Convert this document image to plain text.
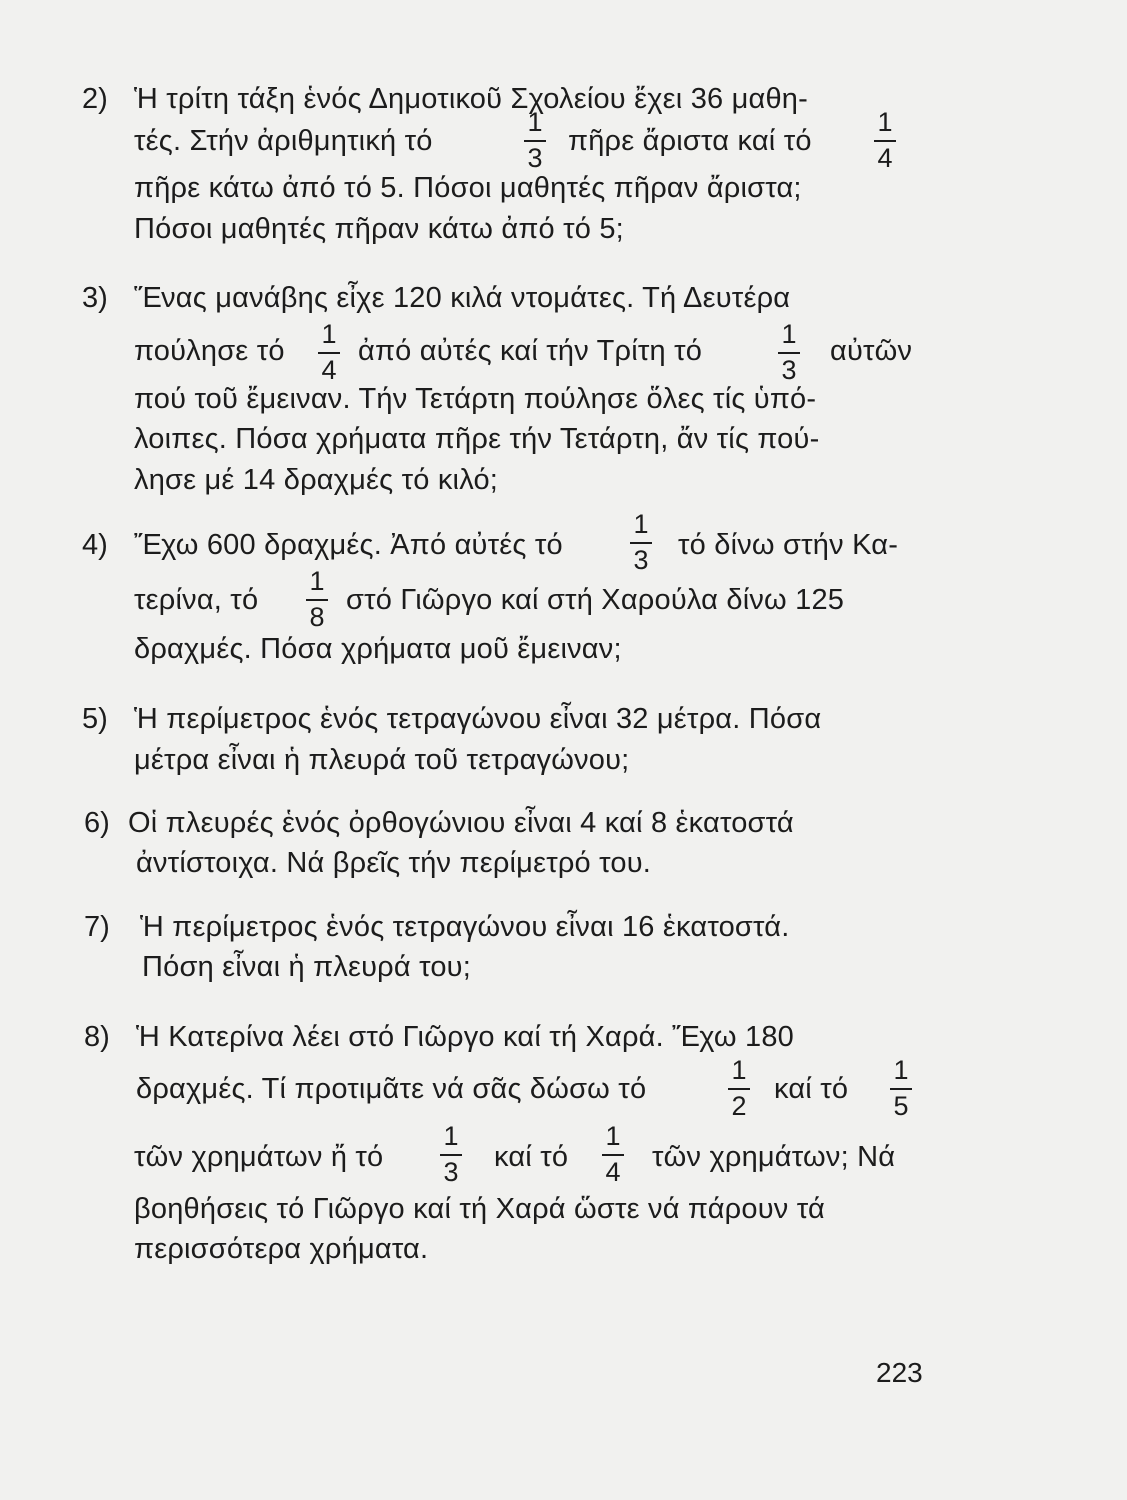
2) Ἡ τρίτη τάξη ἑνός Δημοτικοῦ Σχολείου ἔχει 36 μαθη-
τές. Στήν ἀριθμητική τό
1
3
πῆρε ἄριστα καί τό
1
4
πῆρε κάτω ἀπό τό 5. Πόσοι μαθητές πῆραν ἄριστα;
Πόσοι μαθητές πῆραν κάτω ἀπό τό 5;
3) Ἕνας μανάβης εἶχε 120 κιλά ντομάτες. Τή Δευτέρα
πούλησε τό
1
4
ἀπό αὐτές καί τήν Τρίτη τό
1
3
αὐτῶν
πού τοῦ ἔμειναν. Τήν Τετάρτη πούλησε ὅλες τίς ὑπό-
λοιπες. Πόσα χρήματα πῆρε τήν Τετάρτη, ἄν τίς πού-
λησε μέ 14 δραχμές τό κιλό;
4) Ἔχω 600 δραχμές. Ἀπό αὐτές τό
1
3 τό δίνω στήν Κα-
τερίνα, τό
1
8
στό Γιῶργο καί στή Χαρούλα δίνω 125
δραχμές. Πόσα χρήματα μοῦ ἔμειναν;
5) Ἡ περίμετρος ἑνός τετραγώνου εἶναι 32 μέτρα. Πόσα
μέτρα εἶναι ἡ πλευρά τοῦ τετραγώνου;
6) Οἱ πλευρές ἑνός ὀρθογώνιου εἶναι 4 καί 8 ἑκατοστά
ἀντίστοιχα. Νά βρεῖς τήν περίμετρό του.
7) Ἡ περίμετρος ἑνός τετραγώνου εἶναι 16 ἑκατοστά.
Πόση εἶναι ἡ πλευρά του;
8) Ἡ Κατερίνα λέει στό Γιῶργο καί τή Χαρά. Ἔχω 180
δραχμές. Τί προτιμᾶτε νά σᾶς δώσω τό
1
2
καί τό
1
5
τῶν χρημάτων ἤ τό
1
3 καί τό
1
4 τῶν χρημάτων; Νά
βοηθήσεις τό Γιῶργο καί τή Χαρά ὥστε νά πάρουν τά
περισσότερα χρήματα.
223
